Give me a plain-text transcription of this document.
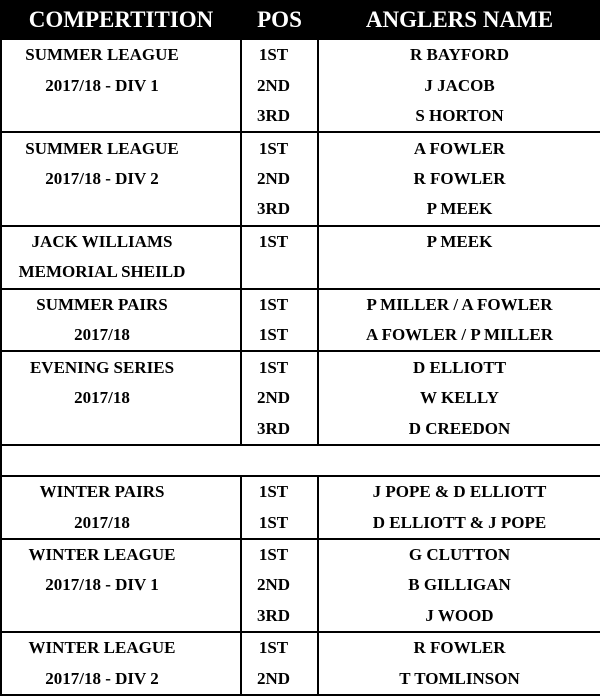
COMPERTITION	POS	ANGLERS NAME
SUMMER LEAGUE	1ST	R BAYFORD
2017/18 - DIV 1	2ND	J JACOB
	3RD	S HORTON
SUMMER LEAGUE	1ST	A FOWLER
2017/18 - DIV 2	2ND	R FOWLER
	3RD	P MEEK
JACK WILLIAMS	1ST	P MEEK
MEMORIAL SHEILD		
SUMMER PAIRS	1ST	P MILLER / A FOWLER
2017/18	1ST	A FOWLER / P MILLER
EVENING SERIES	1ST	D ELLIOTT
2017/18	2ND	W KELLY
	3RD	D CREEDON

WINTER PAIRS	1ST	J POPE & D ELLIOTT
2017/18	1ST	D ELLIOTT & J POPE
WINTER LEAGUE	1ST	G CLUTTON
2017/18 - DIV 1	2ND	B GILLIGAN
	3RD	J WOOD
WINTER LEAGUE	1ST	R FOWLER
2017/18 - DIV 2	2ND	T TOMLINSON
